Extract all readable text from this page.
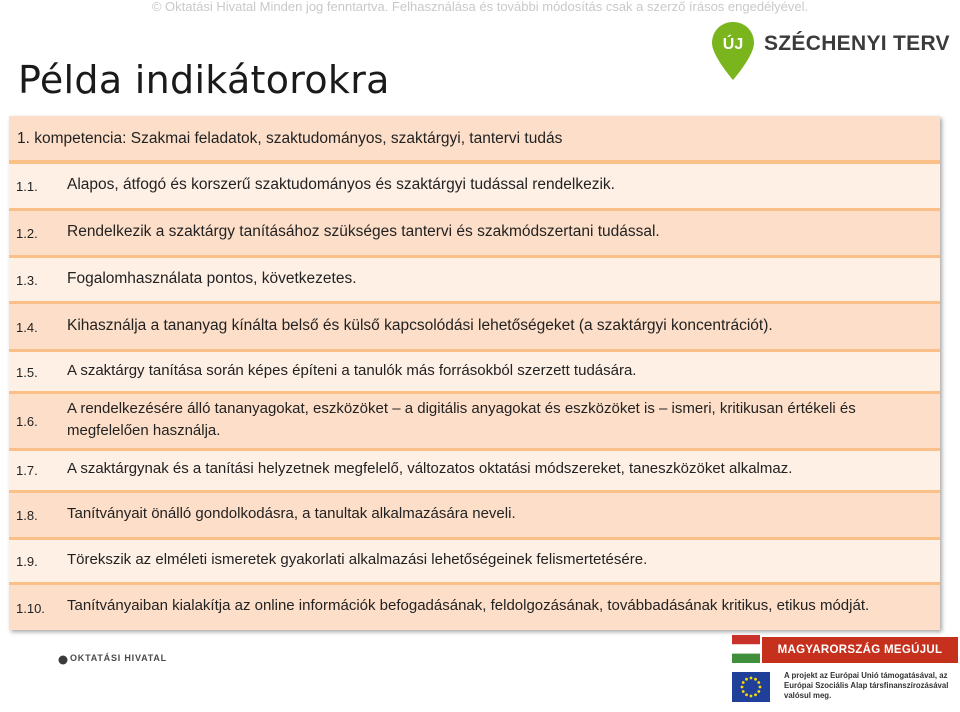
© Oktatási Hivatal Minden jog fenntartva. Felhasználása és további módosítás csak a szerző írásos engedélyével.
Példa indikátorokra
ÚJ SZÉCHENYI TERV
1. kompetencia: Szakmai feladatok, szaktudományos, szaktárgyi, tantervi tudás
1.1. Alapos, átfogó és korszerű szaktudományos és szaktárgyi tudással rendelkezik.
1.2. Rendelkezik a szaktárgy tanításához szükséges tantervi és szakmódszertani tudással.
1.3. Fogalomhasználata pontos, következetes.
1.4. Kihasználja a tananyag kínálta belső és külső kapcsolódási lehetőségeket (a szaktárgyi koncentrációt).
1.5. A szaktárgy tanítása során képes építeni a tanulók más forrásokból szerzett tudására.
1.6.
A rendelkezésére álló tananyagokat, eszközöket – a digitális anyagokat és eszközöket is – ismeri, kritikusan értékeli és megfelelően használja.
1.7. A szaktárgynak és a tanítási helyzetnek megfelelő, változatos oktatási módszereket, taneszközöket alkalmaz.
1.8. Tanítványait önálló gondolkodásra, a tanultak alkalmazására neveli.
1.9. Törekszik az elméleti ismeretek gyakorlati alkalmazási lehetőségeinek felismertetésére.
1.10. Tanítványaiban kialakítja az online információk befogadásának, feldolgozásának, továbbadásának kritikus, etikus módját.
OKTATÁSI HIVATAL
MAGYARORSZÁG MEGÚJUL
A projekt az Európai Unió támogatásával, az Európai Szociális Alap társfinanszírozásával valósul meg.
